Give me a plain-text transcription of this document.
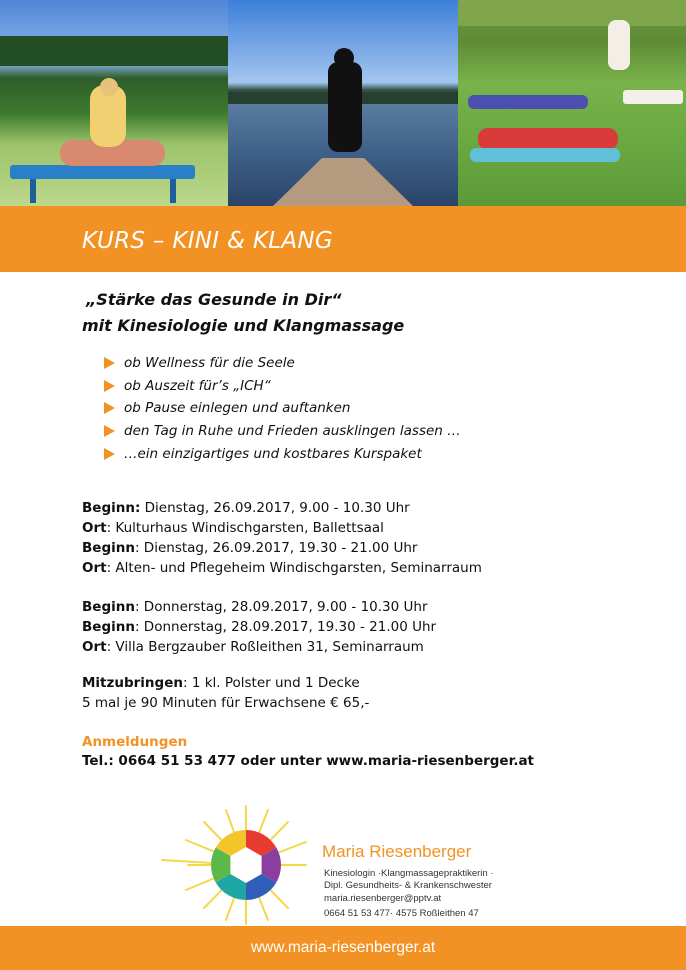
KURS – KINI & KLANG
„Stärke das Gesunde in Dir“
mit Kinesiologie und Klangmassage
ob Wellness für die Seele
ob Auszeit für’s „ICH“
ob Pause einlegen und auftanken
den Tag in Ruhe und Frieden ausklingen lassen …
…ein einzigartiges und kostbares Kurspaket
Beginn: Dienstag, 26.09.2017, 9.00 - 10.30 Uhr
Ort: Kulturhaus Windischgarsten, Ballettsaal
Beginn: Dienstag, 26.09.2017, 19.30 - 21.00 Uhr
Ort: Alten- und Pflegeheim Windischgarsten, Seminarraum
Beginn: Donnerstag, 28.09.2017, 9.00 - 10.30 Uhr
Beginn: Donnerstag, 28.09.2017, 19.30 - 21.00 Uhr
Ort: Villa Bergzauber Roßleithen 31, Seminarraum
Mitzubringen: 1 kl. Polster und 1 Decke
5 mal je 90 Minuten für Erwachsene € 65,-
Anmeldungen
Tel.: 0664 51 53 477 oder unter www.maria-riesenberger.at
Maria Riesenberger
Kinesiologin ·Klangmassagepraktikerin ·
Dipl. Gesundheits- & Krankenschwester
maria.riesenberger@pptv.at
0664 51 53 477· 4575 Roßleithen 47
www.maria-riesenberger.at
